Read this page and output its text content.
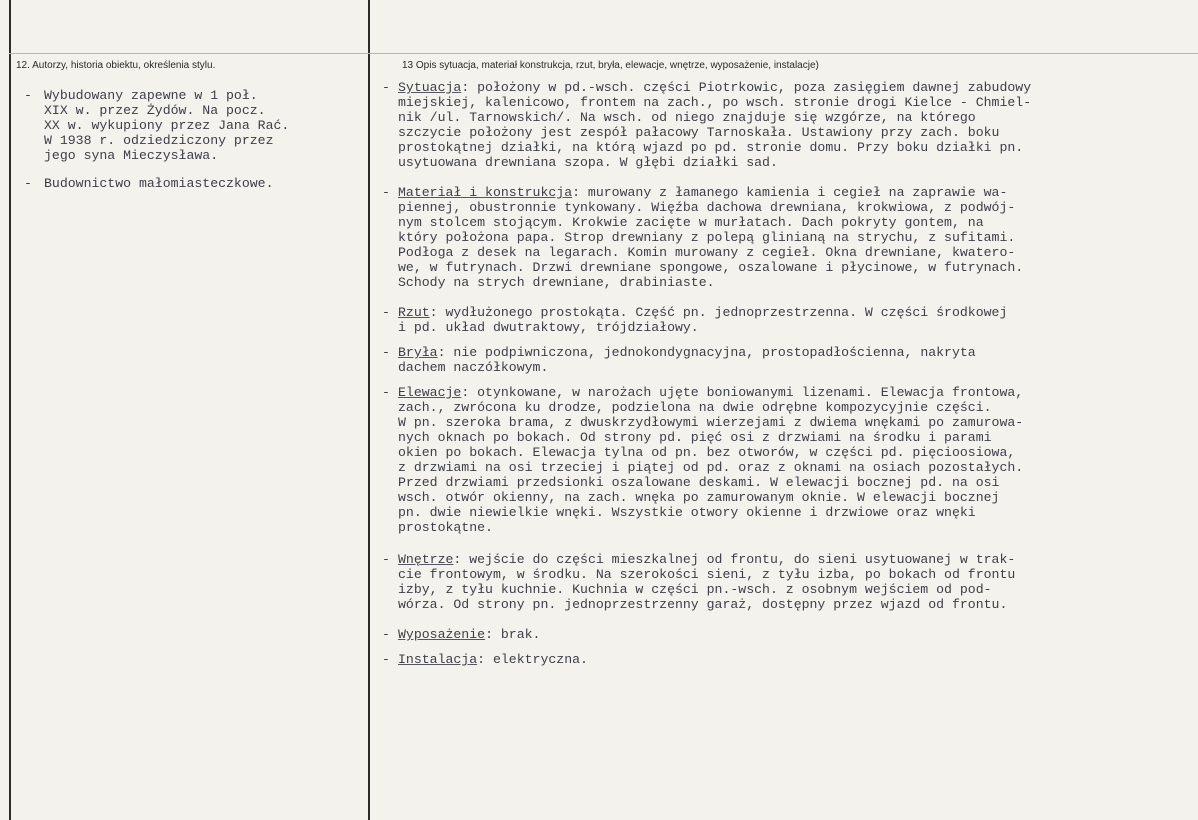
12. Autorzy, historia obiektu, określenia stylu.	13 Opis sytuacja, materiał konstrukcja, rzut, bryła, elewacje, wnętrze, wyposażenie, instalacje)
- Wybudowany zapewne w 1 poł.
XIX w. przez Żydów. Na pocz.
XX w. wykupiony przez Jana Rać.
W 1938 r. odziedziczony przez
jego syna Mieczysława.
- Budownictwo małomiasteczkowe.
- Sytuacja: położony w pd.-wsch. części Piotrkowic, poza zasięgiem dawnej zabudowy
miejskiej, kalenicowo, frontem na zach., po wsch. stronie drogi Kielce - Chmiel-
nik /ul. Tarnowskich/. Na wsch. od niego znajduje się wzgórze, na którego
szczycie położony jest zespół pałacowy Tarnoskała. Ustawiony przy zach. boku
prostokątnej działki, na którą wjazd po pd. stronie domu. Przy boku działki pn.
usytuowana drewniana szopa. W głębi działki sad.
- Materiał i konstrukcja: murowany z łamanego kamienia i cegieł na zaprawie wa-
piennej, obustronnie tynkowany. Więźba dachowa drewniana, krokwiowa, z podwój-
nym stolcem stojącym. Krokwie zacięte w murłatach. Dach pokryty gontem, na
który położona papa. Strop drewniany z polepą glinianą na strychu, z sufitami.
Podłoga z desek na legarach. Komin murowany z cegieł. Okna drewniane, kwatero-
we, w futrynach. Drzwi drewniane spongowe, oszalowane i płycinowe, w futrynach.
Schody na strych drewniane, drabiniaste.
- Rzut: wydłużonego prostokąta. Część pn. jednoprzestrzenna. W części środkowej
i pd. układ dwutraktowy, trójdziałowy.
- Bryła: nie podpiwniczona, jednokondygnacyjna, prostopadłościenna, nakryta
dachem naczółkowym.
- Elewacje: otynkowane, w narożach ujęte boniowanymi lizenami. Elewacja frontowa,
zach., zwrócona ku drodze, podzielona na dwie odrębne kompozycyjnie części.
W pn. szeroka brama, z dwuskrzydłowymi wierzejami z dwiema wnękami po zamurowa-
nych oknach po bokach. Od strony pd. pięć osi z drzwiami na środku i parami
okien po bokach. Elewacja tylna od pn. bez otworów, w części pd. pięcioosiowa,
z drzwiami na osi trzeciej i piątej od pd. oraz z oknami na osiach pozostałych.
Przed drzwiami przedsionki oszalowane deskami. W elewacji bocznej pd. na osi
wsch. otwór okienny, na zach. wnęka po zamurowanym oknie. W elewacji bocznej
pn. dwie niewielkie wnęki. Wszystkie otwory okienne i drzwiowe oraz wnęki
prostokątne.
- Wnętrze: wejście do części mieszkalnej od frontu, do sieni usytuowanej w trak-
cie frontowym, w środku. Na szerokości sieni, z tyłu izba, po bokach od frontu
izby, z tyłu kuchnie. Kuchnia w części pn.-wsch. z osobnym wejściem od pod-
wórza. Od strony pn. jednoprzestrzenny garaż, dostępny przez wjazd od frontu.
- Wyposażenie: brak.
- Instalacja: elektryczna.
